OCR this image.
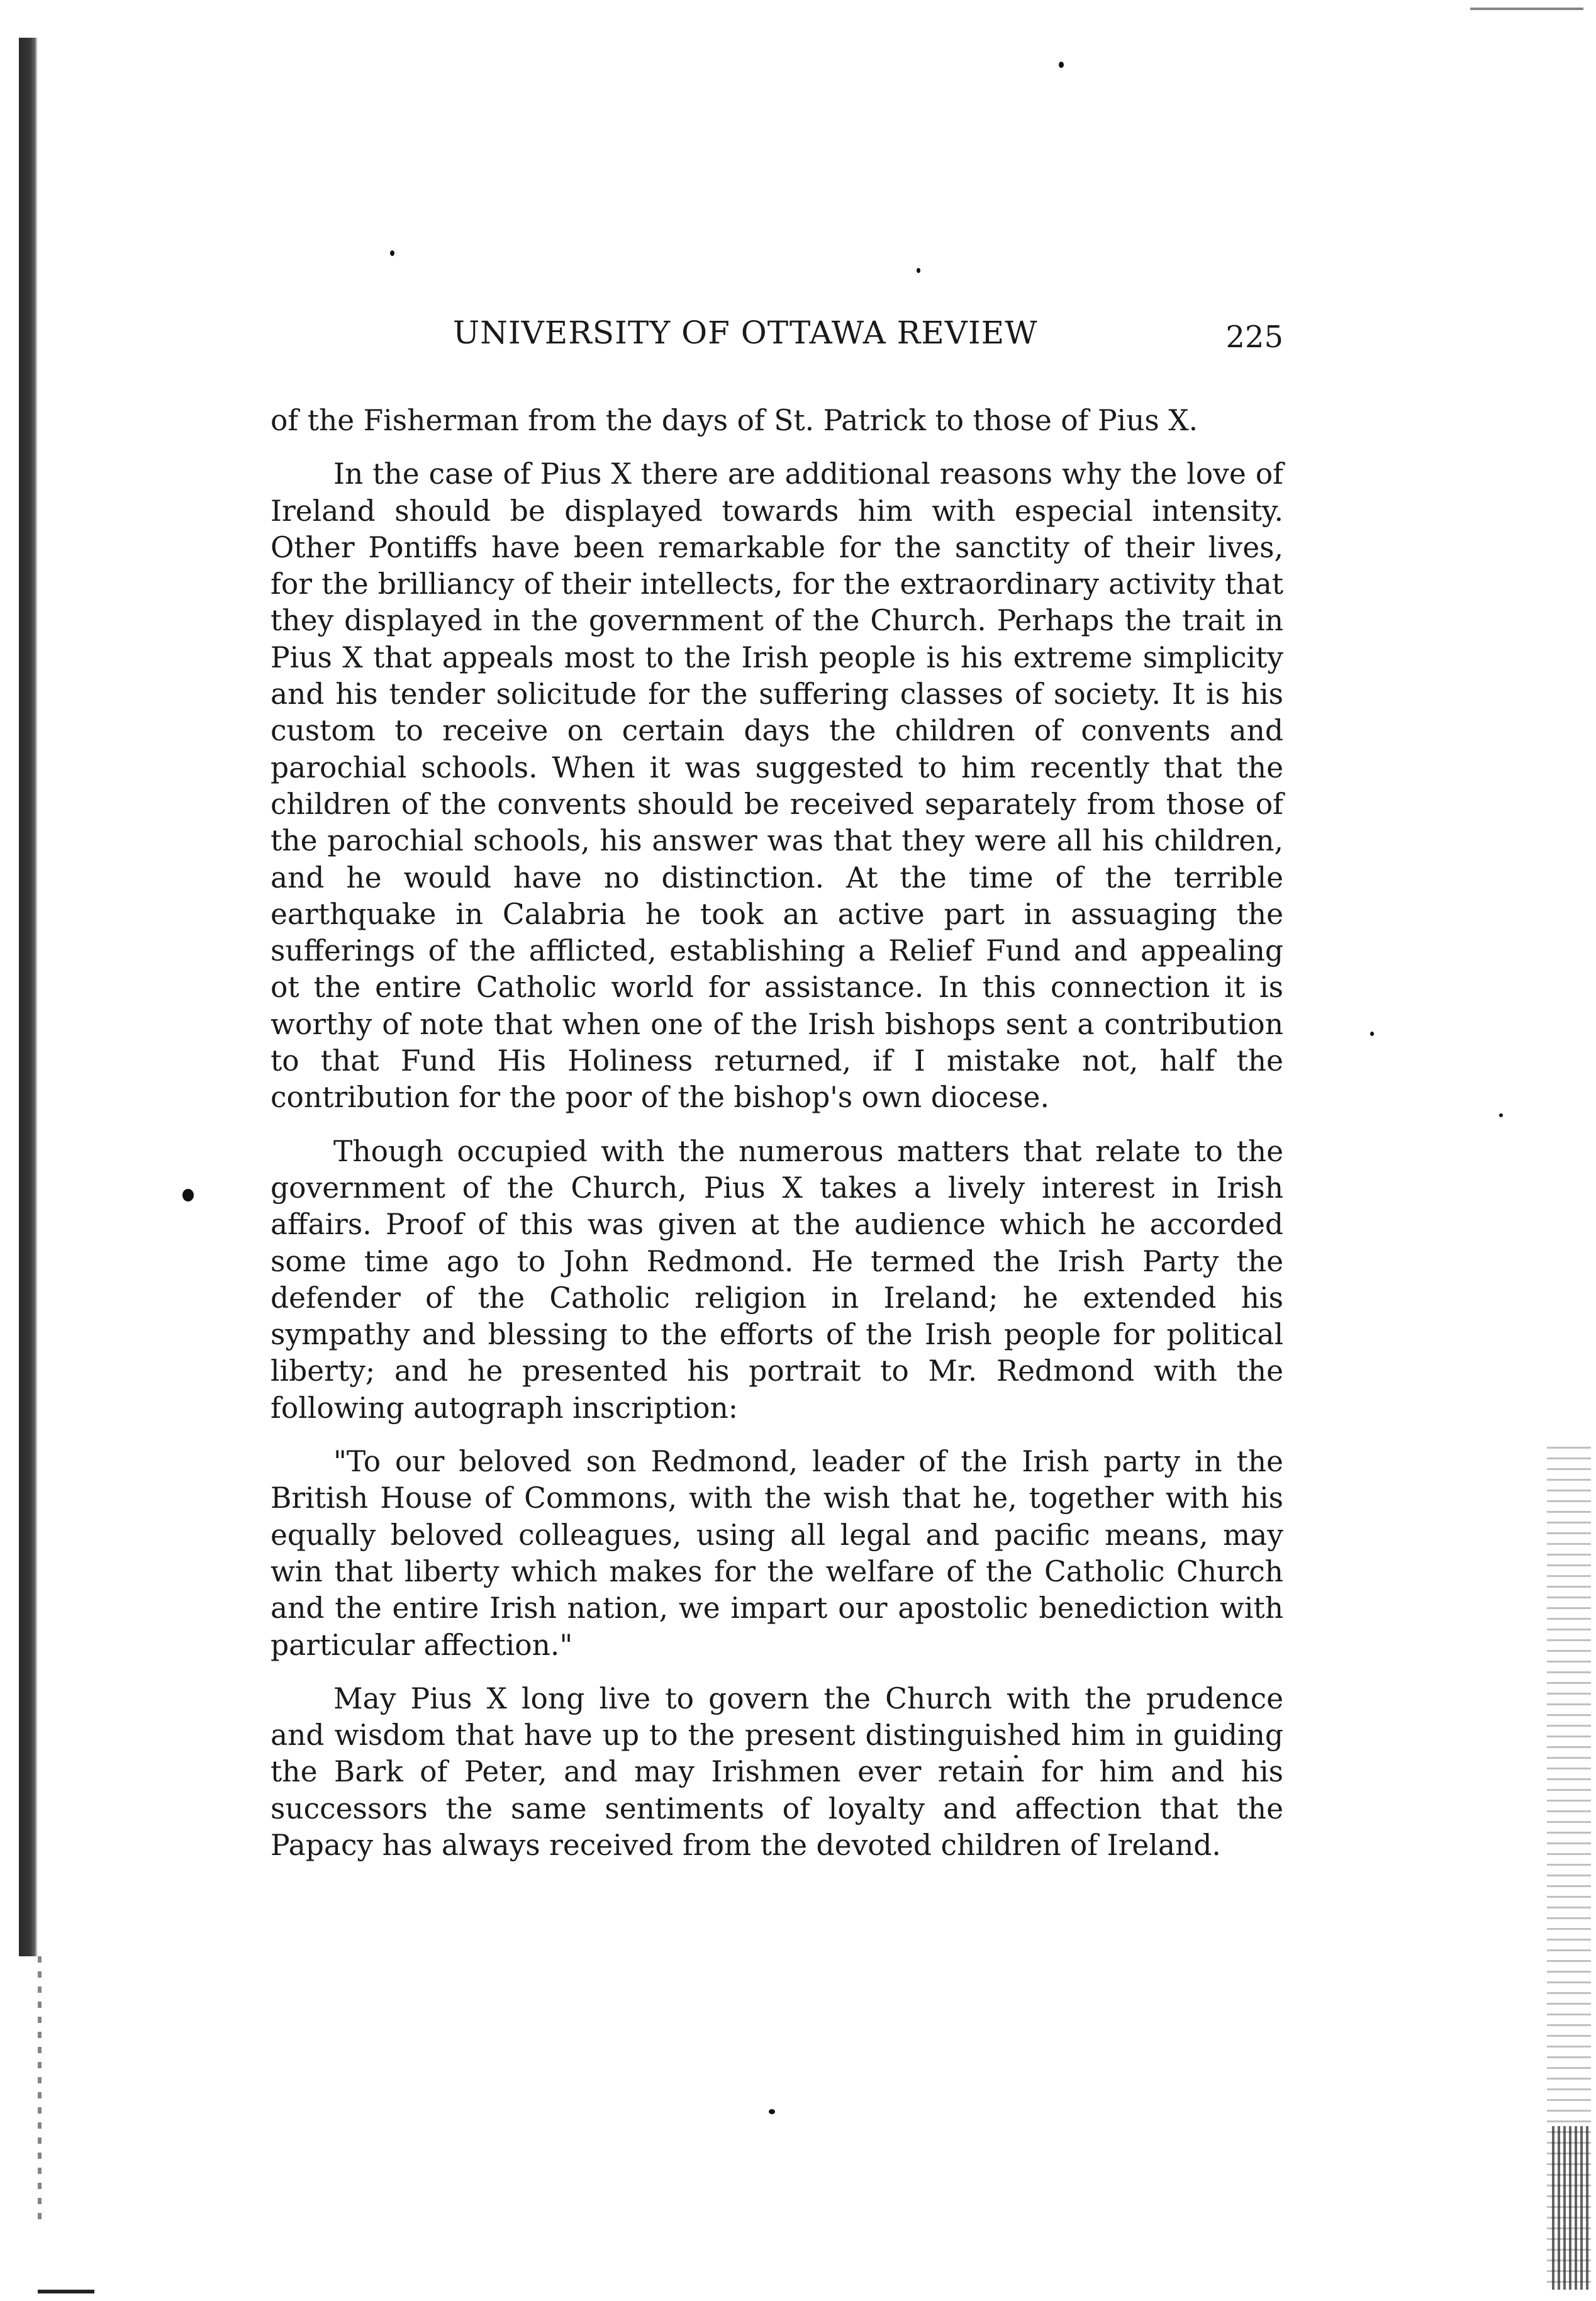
UNIVERSITY OF OTTAWA REVIEW	225

of the Fisherman from the days of St. Patrick to those of Pius X.

In the case of Pius X there are additional reasons why the love of Ireland should be displayed towards him with especial intensity. Other Pontiffs have been remarkable for the sanctity of their lives, for the brilliancy of their intellects, for the extraordinary activity that they displayed in the government of the Church. Perhaps the trait in Pius X that appeals most to the Irish people is his extreme simplicity and his tender solicitude for the suffering classes of society. It is his custom to receive on certain days the children of convents and parochial schools. When it was suggested to him recently that the children of the convents should be received separately from those of the parochial schools, his answer was that they were all his children, and he would have no distinction. At the time of the terrible earthquake in Calabria he took an active part in assuaging the sufferings of the afflicted, establishing a Relief Fund and appealing ot the entire Catholic world for assistance. In this connection it is worthy of note that when one of the Irish bishops sent a contribution to that Fund His Holiness returned, if I mistake not, half the contribution for the poor of the bishop's own diocese.

Though occupied with the numerous matters that relate to the government of the Church, Pius X takes a lively interest in Irish affairs. Proof of this was given at the audience which he accorded some time ago to John Redmond. He termed the Irish Party the defender of the Catholic religion in Ireland; he extended his sympathy and blessing to the efforts of the Irish people for political liberty; and he presented his portrait to Mr. Redmond with the following autograph inscription:

"To our beloved son Redmond, leader of the Irish party in the British House of Commons, with the wish that he, together with his equally beloved colleagues, using all legal and pacific means, may win that liberty which makes for the welfare of the Catholic Church and the entire Irish nation, we impart our apostolic benediction with particular affection."

May Pius X long live to govern the Church with the prudence and wisdom that have up to the present distinguished him in guiding the Bark of Peter, and may Irishmen ever retain for him and his successors the same sentiments of loyalty and affection that the Papacy has always received from the devoted children of Ireland.
